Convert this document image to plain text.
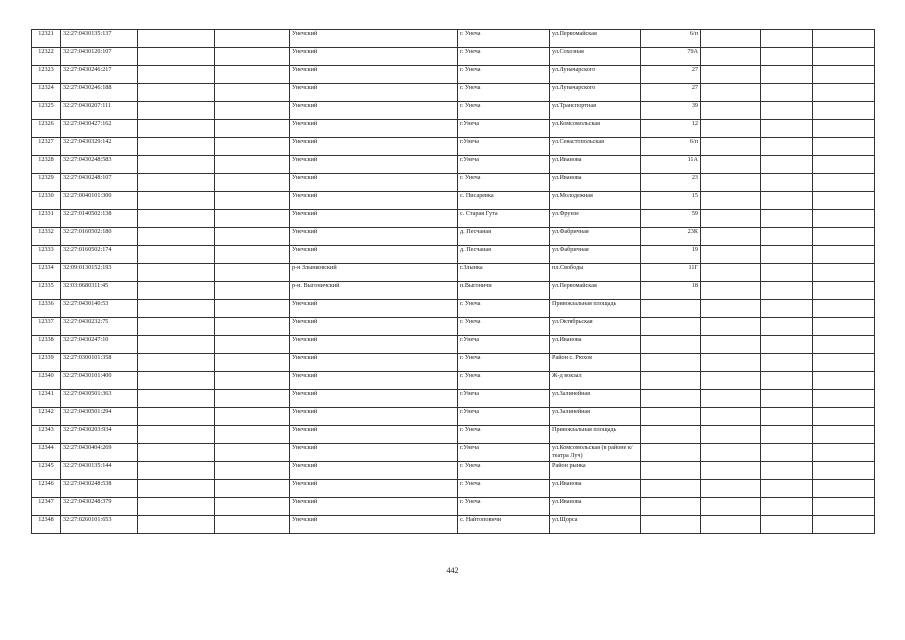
12321	32:27:0430135:137			Унечский	г. Унеча	ул.Первомайская	6/п			
12322	32:27:0430120:107			Унечский	г. Унеча	ул.Сохозная	79А			
12323	32:27:0430246:217			Унечский	г. Унеча	ул.Луначарского	27			
12324	32:27:0430246:188			Унечский	г. Унеча	ул.Луначарского	27			
12325	32:27:0430207:111			Унечский	г. Унеча	ул.Транспортная	39			
12326	32:27:0430427:162			Унечский	г.Унеча	ул.Комсомольская	12			
12327	32:27:0430329:142			Унечский	г.Унеча	ул.Севастопольская	6/п			
12328	32:27:0430248:583			Унечский	г.Унеча	ул.Иванова	11А			
12329	32:27:0430248:107			Унечский	г. Унеча	ул.Иванова	23			
12330	32:27:0040101:300			Унечский	с. Писаревка	ул.Молодежная	15			
12331	32:27:0140502:138			Унечский	с. Старая Гута	ул.Фрунзе	59			
12332	32:27:0160502:180			Унечский	д. Песчаная	ул.Фабричная	23К			
12333	32:27:0160502:174			Унечский	д. Песчаная	ул.Фабричная	19			
12334	32:09:0130152:193			р-н Злынковский	г.Злынка	пл.Свободы	11Г			
12335	32:03:0680311:45			р-н. Выгоничский	п.Выгоничи	ул.Первомайская	18			
12336	32:27:0430140:53			Унечский	г. Унеча	Привокзальная площадь				
12337	32:27:0430232:75			Унечский	г. Унеча	ул.Октябрьская				
12338	32:27:0430247:10			Унечский	г.Унеча	ул.Иванова				
12339	32:27:0300101:358			Унечский	г. Унеча	Район с. Рюхов				
12340	32:27:0430101:400			Унечский	г. Унеча	Ж-д вокзал				
12341	32:27:0430501:363			Унечский	г.Унеча	ул.Залинейная				
12342	32:27:0430501:294			Унечский	г.Унеча	ул.Залинейная				
12343	32:27:0430203:934			Унечский	г. Унеча	Привокзальная площадь				
12344	32:27:0430404:269			Унечский	г.Унеча	ул.Комсомольская (в районе к/театра Луч)				
12345	32:27:0430135:144			Унечский	г. Унеча	Район рынка				
12346	32:27:0430248:538			Унечский	г. Унеча	ул.Иванова				
12347	32:27:0430248:379			Унечский	г. Унеча	ул.Иванова				
12348	32:27:0260101:653			Унечский	с. Найтоповичи	ул.Щорса				
442
